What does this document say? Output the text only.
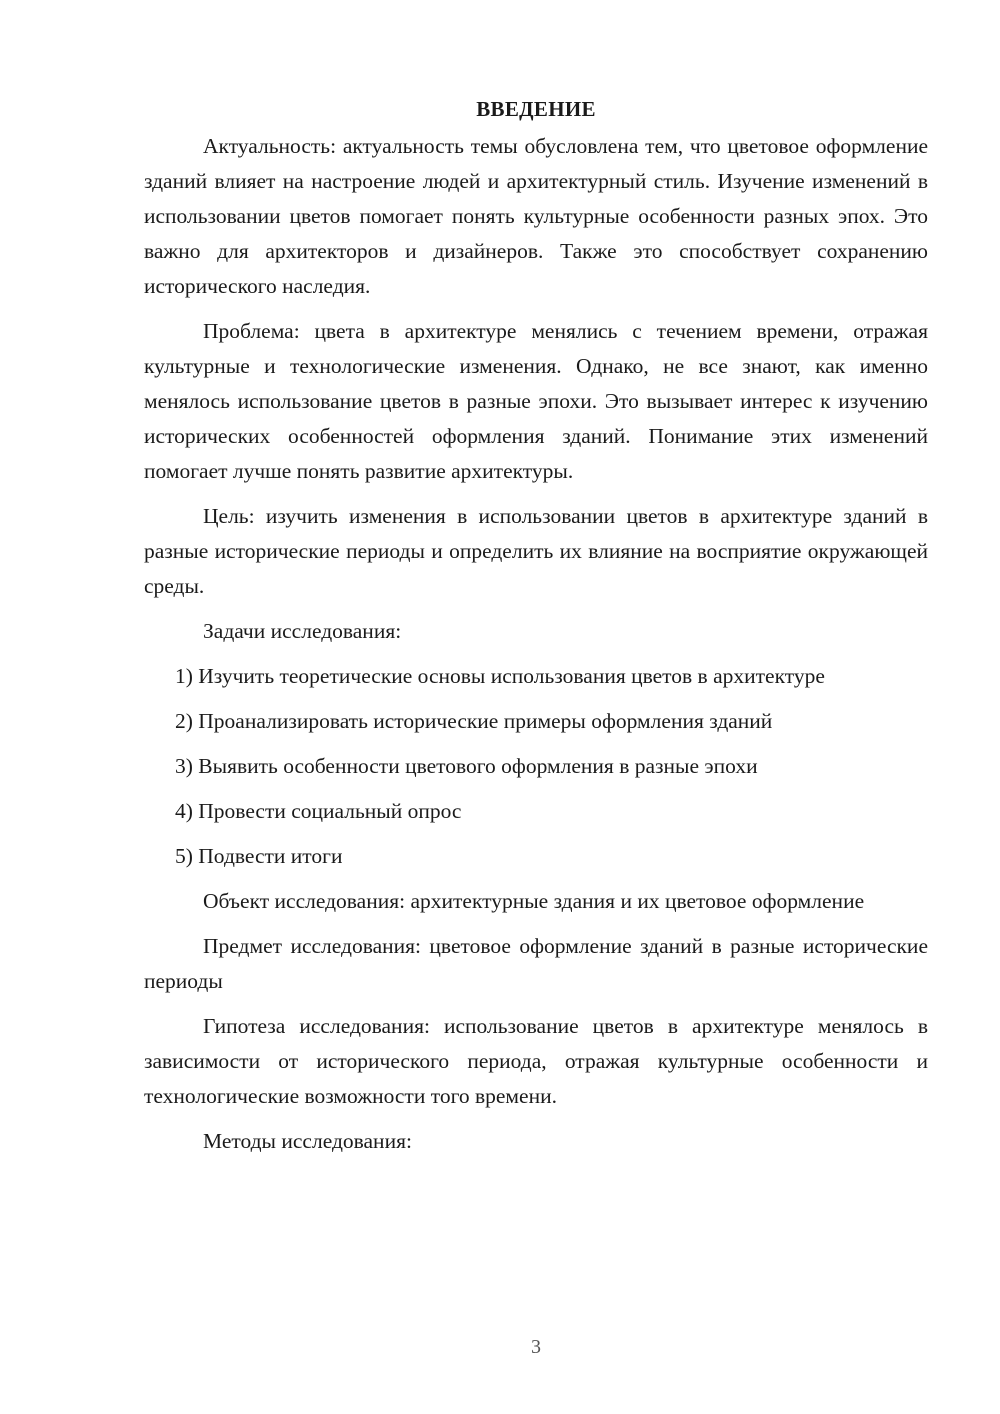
ВВЕДЕНИЕ

Актуальность: актуальность темы обусловлена тем, что цветовое оформление зданий влияет на настроение людей и архитектурный стиль. Изучение изменений в использовании цветов помогает понять культурные особенности разных эпох. Это важно для архитекторов и дизайнеров. Также это способствует сохранению исторического наследия.

Проблема: цвета в архитектуре менялись с течением времени, отражая культурные и технологические изменения. Однако, не все знают, как именно менялось использование цветов в разные эпохи. Это вызывает интерес к изучению исторических особенностей оформления зданий. Понимание этих изменений помогает лучше понять развитие архитектуры.

Цель: изучить изменения в использовании цветов в архитектуре зданий в разные исторические периоды и определить их влияние на восприятие окружающей среды.

Задачи исследования:

1) Изучить теоретические основы использования цветов в архитектуре

2) Проанализировать исторические примеры оформления зданий

3) Выявить особенности цветового оформления в разные эпохи

4) Провести социальный опрос

5) Подвести итоги

Объект исследования: архитектурные здания и их цветовое оформление

Предмет исследования: цветовое оформление зданий в разные исторические периоды

Гипотеза исследования: использование цветов в архитектуре менялось в зависимости от исторического периода, отражая культурные особенности и технологические возможности того времени.

Методы исследования:

3
